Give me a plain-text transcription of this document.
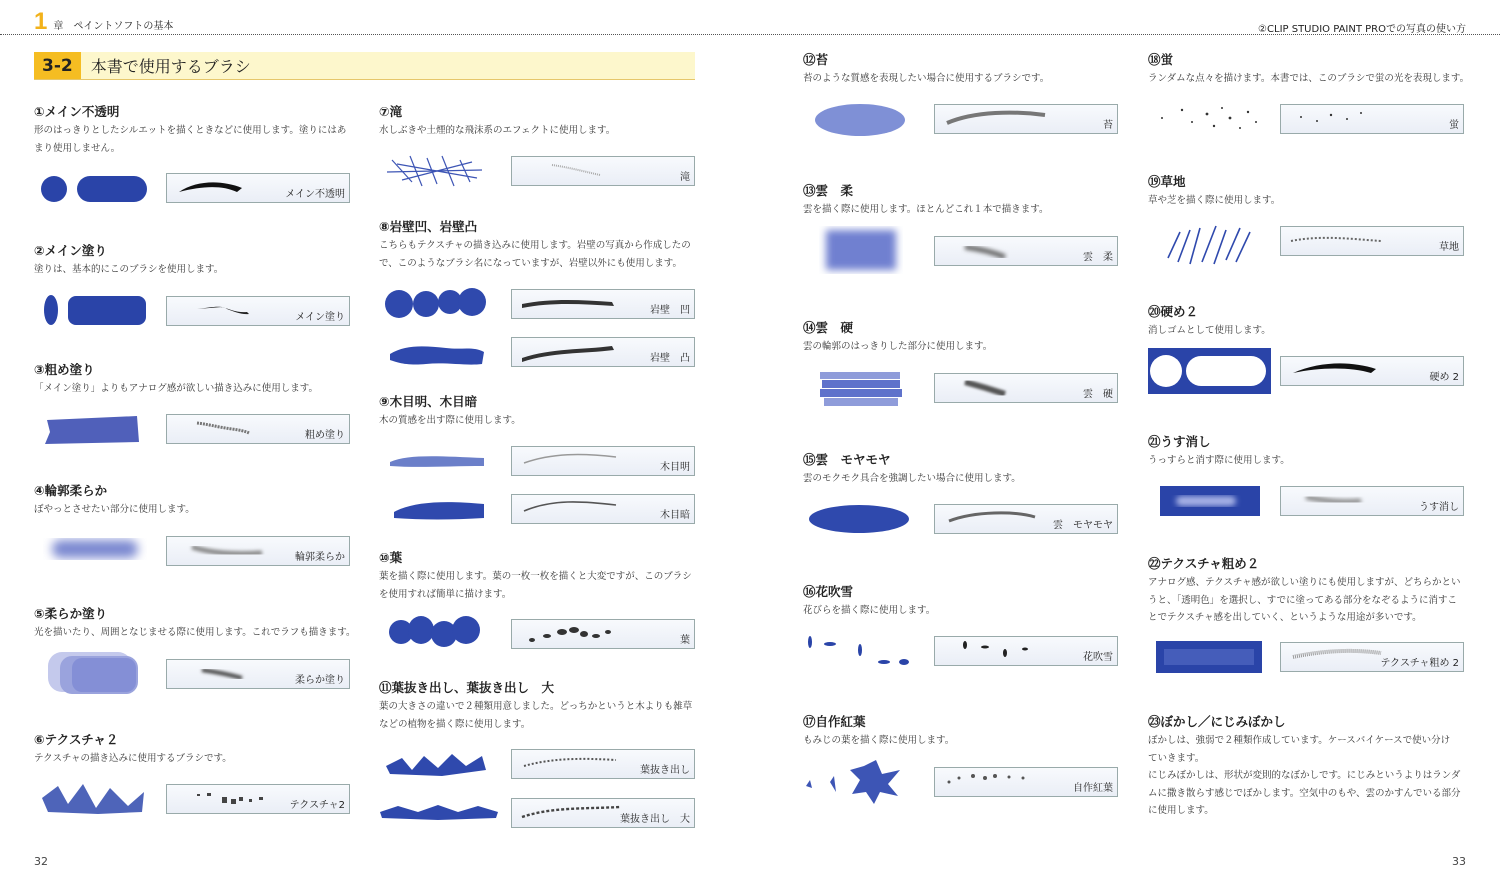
1 章 ペイントソフトの基本	②CLIP STUDIO PAINT PROでの写真の使い方
3-2	本書で使用するブラシ
①メイン不透明
形のはっきりとしたシルエットを描くときなどに使用します。塗りにはあ
まり使用しません。
メイン不透明
②メイン塗り
塗りは、基本的にこのブラシを使用します。
メイン塗り
③粗め塗り
「メイン塗り」よりもアナログ感が欲しい描き込みに使用します。
粗め塗り
④輪郭柔らか
ぼやっとさせたい部分に使用します。
輪郭柔らか
⑤柔らか塗り
光を描いたり、周囲となじませる際に使用します。これでラフも描きます。
柔らか塗り
⑥テクスチャ２
テクスチャの描き込みに使用するブラシです。
テクスチャ2
⑦滝
水しぶきや土煙的な飛沫系のエフェクトに使用します。
滝
⑧岩壁凹、岩壁凸
こちらもテクスチャの描き込みに使用します。岩壁の写真から作成したの
で、このようなブラシ名になっていますが、岩壁以外にも使用します。
岩壁　凹
岩壁　凸
⑨木目明、木目暗
木の質感を出す際に使用します。
木目明
木目暗
⑩葉
葉を描く際に使用します。葉の一枚一枚を描くと大変ですが、このブラシ
を使用すれば簡単に描けます。
葉
⑪葉抜き出し、葉抜き出し　大
葉の大きさの違いで２種類用意しました。どっちかというと木よりも雑草
などの植物を描く際に使用します。
葉抜き出し
葉抜き出し　大
⑫苔
苔のような質感を表現したい場合に使用するブラシです。
苔
⑬雲　柔
雲を描く際に使用します。ほとんどこれ１本で描きます。
雲　柔
⑭雲　硬
雲の輪郭のはっきりした部分に使用します。
雲　硬
⑮雲　モヤモヤ
雲のモクモク具合を強調したい場合に使用します。
雲　モヤモヤ
⑯花吹雪
花びらを描く際に使用します。
花吹雪
⑰自作紅葉
もみじの葉を描く際に使用します。
自作紅葉
⑱蛍
ランダムな点々を描けます。本書では、このブラシで蛍の光を表現します。
蛍
⑲草地
草や芝を描く際に使用します。
草地
⑳硬め２
消しゴムとして使用します。
硬め 2
㉑うす消し
うっすらと消す際に使用します。
うす消し
㉒テクスチャ粗め２
アナログ感、テクスチャ感が欲しい塗りにも使用しますが、どちらかとい
うと、「透明色」を選択し、すでに塗ってある部分をなぞるように消すこ
とでテクスチャ感を出していく、というような用途が多いです。
テクスチャ粗め 2
㉓ぼかし／にじみぼかし
ぼかしは、強弱で２種類作成しています。ケースバイケースで使い分け
ていきます。
にじみぼかしは、形状が変則的なぼかしです。にじみというよりはランダ
ムに撒き散らす感じでぼかします。空気中のもや、雲のかすんでいる部分
に使用します。
32	33
